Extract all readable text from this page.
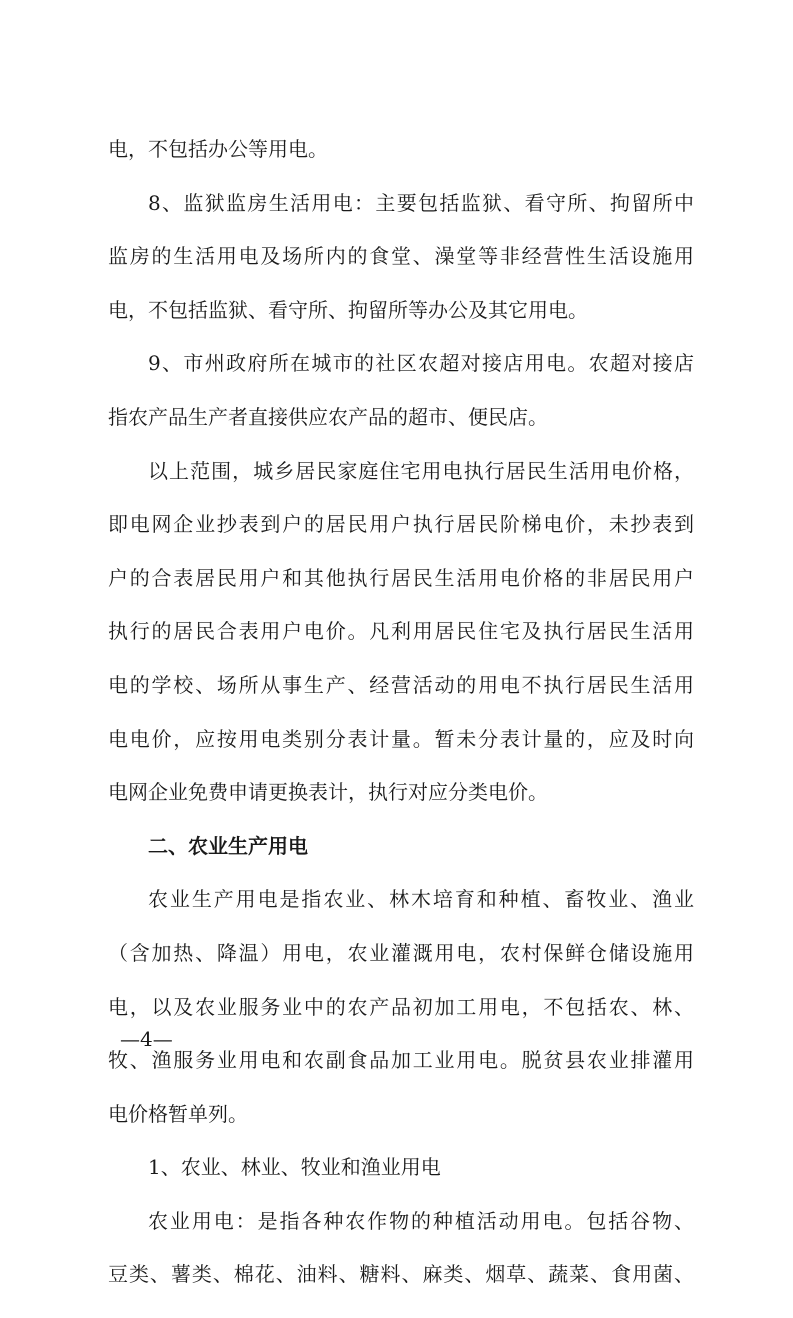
电，不包括办公等用电。
8、监狱监房生活用电：主要包括监狱、看守所、拘留所中
监房的生活用电及场所内的食堂、澡堂等非经营性生活设施用
电，不包括监狱、看守所、拘留所等办公及其它用电。
9、市州政府所在城市的社区农超对接店用电。农超对接店
指农产品生产者直接供应农产品的超市、便民店。
以上范围，城乡居民家庭住宅用电执行居民生活用电价格，
即电网企业抄表到户的居民用户执行居民阶梯电价，未抄表到
户的合表居民用户和其他执行居民生活用电价格的非居民用户
执行的居民合表用户电价。凡利用居民住宅及执行居民生活用
电的学校、场所从事生产、经营活动的用电不执行居民生活用
电电价，应按用电类别分表计量。暂未分表计量的，应及时向
电网企业免费申请更换表计，执行对应分类电价。
二、农业生产用电
农业生产用电是指农业、林木培育和种植、畜牧业、渔业
（含加热、降温）用电，农业灌溉用电，农村保鲜仓储设施用
电，以及农业服务业中的农产品初加工用电，不包括农、林、
牧、渔服务业用电和农副食品加工业用电。脱贫县农业排灌用
电价格暂单列。
1、农业、林业、牧业和渔业用电
农业用电：是指各种农作物的种植活动用电。包括谷物、
豆类、薯类、棉花、油料、糖料、麻类、烟草、蔬菜、食用菌、
—4—
